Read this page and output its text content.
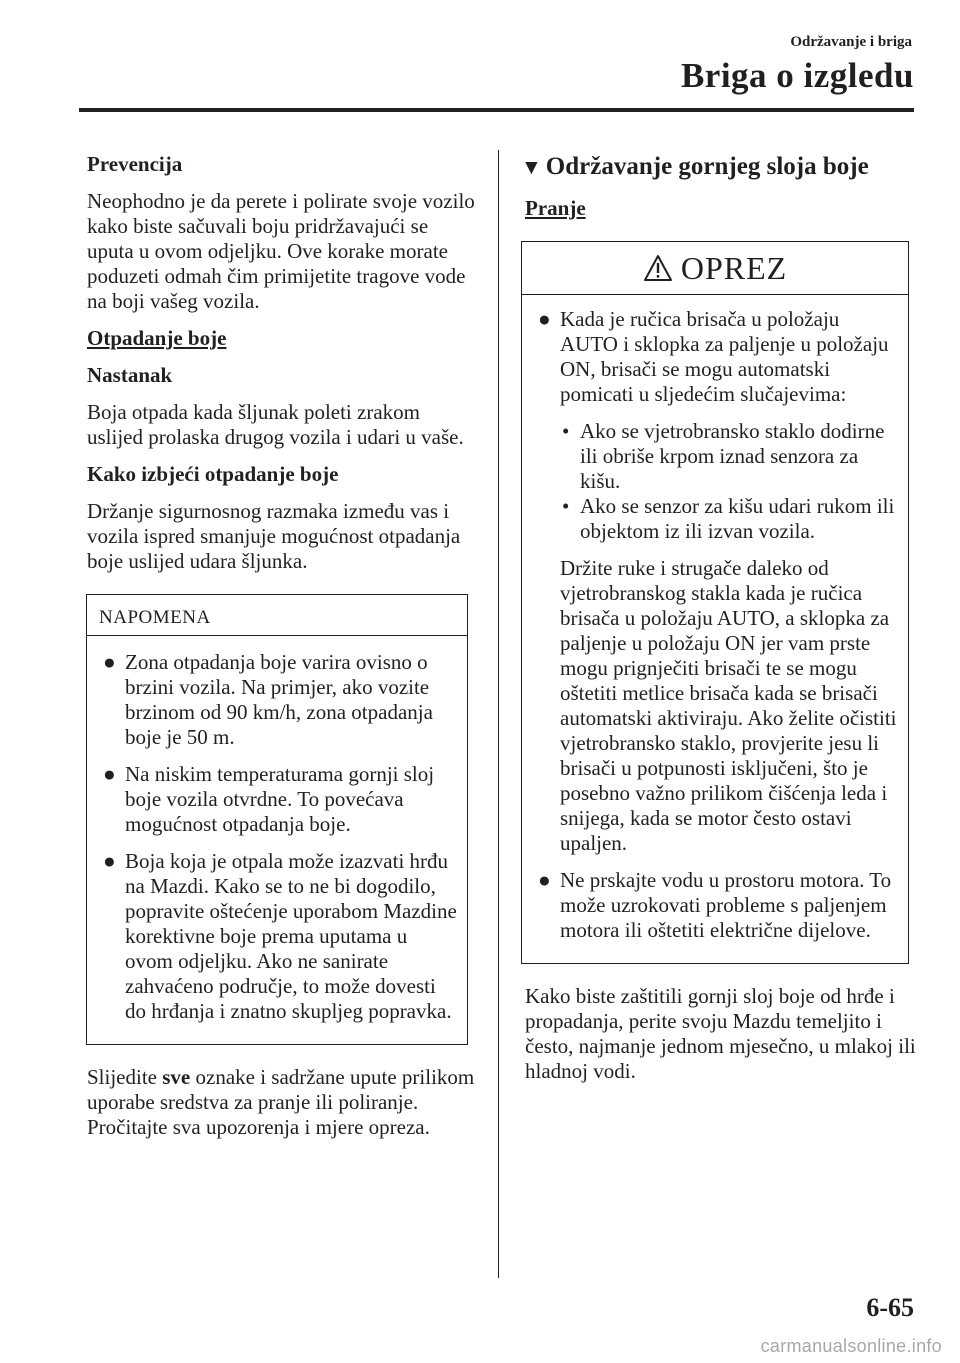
Održavanje i briga
Briga o izgledu
Prevencija

Neophodno je da perete i polirate svoje vozilo kako biste sačuvali boju pridržavajući se uputa u ovom odjeljku. Ove korake morate poduzeti odmah čim primijetite tragove vode na boji vašeg vozila.

Otpadanje boje
Nastanak

Boja otpada kada šljunak poleti zrakom uslijed prolaska drugog vozila i udari u vaše.

Kako izbjeći otpadanje boje

Držanje sigurnosnog razmaka između vas i vozila ispred smanjuje mogućnost otpadanja boje uslijed udara šljunka.

NAPOMENA
● Zona otpadanja boje varira ovisno o brzini vozila. Na primjer, ako vozite brzinom od 90 km/h, zona otpadanja boje je 50 m.
● Na niskim temperaturama gornji sloj boje vozila otvrdne. To povećava mogućnost otpadanja boje.
● Boja koja je otpala može izazvati hrđu na Mazdi. Kako se to ne bi dogodilo, popravite oštećenje uporabom Mazdine korektivne boje prema uputama u ovom odjeljku. Ako ne sanirate zahvaćeno područje, to može dovesti do hrđanja i znatno skupljeg popravka.

Slijedite sve oznake i sadržane upute prilikom uporabe sredstva za pranje ili poliranje. Pročitajte sva upozorenja i mjere opreza.

▼ Održavanje gornjeg sloja boje
Pranje
OPREZ
● Kada je ručica brisača u položaju AUTO i sklopka za paljenje u položaju ON, brisači se mogu automatski pomicati u sljedećim slučajevima:
• Ako se vjetrobransko staklo dodirne ili obriše krpom iznad senzora za kišu.
• Ako se senzor za kišu udari rukom ili objektom iz ili izvan vozila.
Držite ruke i strugače daleko od vjetrobranskog stakla kada je ručica brisača u položaju AUTO, a sklopka za paljenje u položaju ON jer vam prste mogu prignječiti brisači te se mogu oštetiti metlice brisača kada se brisači automatski aktiviraju. Ako želite očistiti vjetrobransko staklo, provjerite jesu li brisači u potpunosti isključeni, što je posebno važno prilikom čišćenja leda i snijega, kada se motor često ostavi upaljen.
● Ne prskajte vodu u prostoru motora. To može uzrokovati probleme s paljenjem motora ili oštetiti električne dijelove.

Kako biste zaštitili gornji sloj boje od hrđe i propadanja, perite svoju Mazdu temeljito i često, najmanje jednom mjesečno, u mlakoj ili hladnoj vodi.

6-65
carmanualsonline.info
